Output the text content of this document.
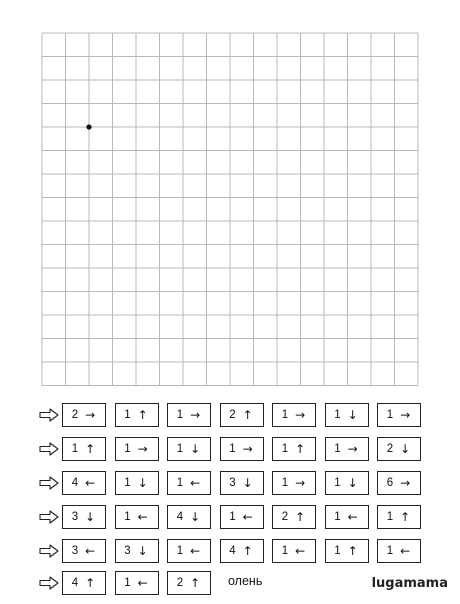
2 →	1 ↑	1 →	2 ↑	1 →	1 ↓	1 →
1 ↑	1 →	1 ↓	1 →	1 ↑	1 →	2 ↓
4 ←	1 ↓	1 ←	3 ↓	1 →	1 ↓	6 →
3 ↓	1 ←	4 ↓	1 ←	2 ↑	1 ←	1 ↑
3 ←	3 ↓	1 ←	4 ↑	1 ←	1 ↑	1 ←
4 ↑	1 ←	2 ↑ олень	lugamama
